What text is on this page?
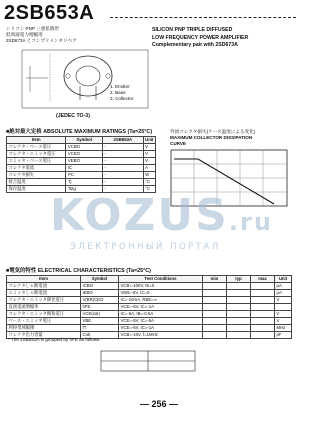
2SB653A
シリコン PNP 三重拡散形
低周波電力増幅用
2SD673A とコンプリメンタリペア
SILICON PNP TRIPLE DIFFUSED
LOW FREQUENCY POWER AMPLIFIER
Complementary pair with 2SD673A
1. Emitter
2. Base
3. Collector
(JEDEC TO-3)
■絶対最大定格 ABSOLUTE MAXIMUM RATINGS (Ta=25°C)
Item	Symbol	2SB653A	Unit
コレクタ・ベース電圧	VCBO	-	V
コレクタ・エミッタ電圧	VCEO	-	V
エミッタ・ベース電圧	VEBO	-	V
コレクタ電流	IC	-	A
コレクタ損失	PC	-	W
接合温度	Tj	-	°C
保存温度	Tstg	-	°C
外国コレクタ損失(ケース温度による変化)
MAXIMUM COLLECTOR DISSIPATION
CURVE
■電気的特性 ELECTRICAL CHARACTERISTICS (Ta=25°C)
Item	Symbol	Test Conditions	min	typ	max	Unit
コレクタしゃ断電流	ICBO	VCB=-100V, IE=0				μA
エミッタしゃ断電流	IEBO	VEB=-5V, IC=0				μA
コレクタ・エミッタ降伏電圧	V(BR)CEO	IC=-10mA, RBE=∞				V
直流電流増幅率	hFE	VCE=-5V, IC=-1A				
コレクタ・エミッタ飽和電圧	VCE(sat)	IC=-5A, IB=-0.5A				V
ベース・エミッタ電圧	VBE	VCE=-5V, IC=-5A				V
利得帯域幅積	fT	VCE=-5V, IC=-1A				MHz
コレクタ出力容量	Cob	VCB=-10V, f=1MHz				pF
* The 2SB653A is grouped by hFE as follows.
KOZUS.ru
ЭЛЕКТРОННЫЙ ПОРТАЛ
— 256 —
